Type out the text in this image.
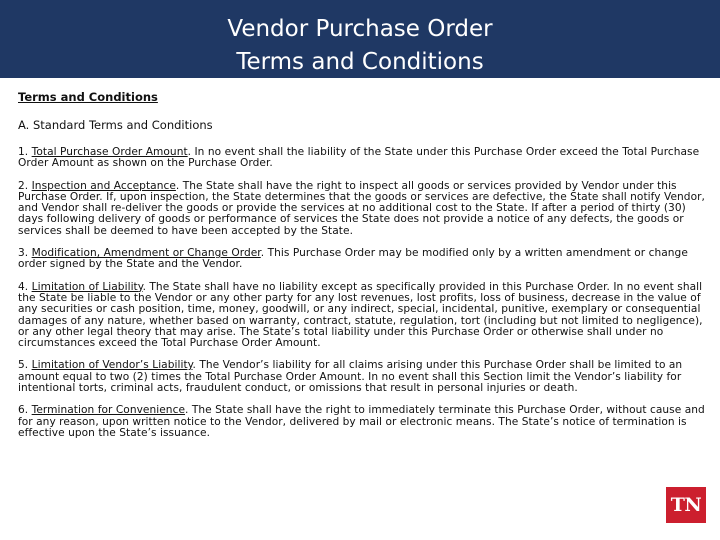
Vendor Purchase Order
Terms and Conditions
Terms and Conditions
A. Standard Terms and Conditions

1. Total Purchase Order Amount. In no event shall the liability of the State under this Purchase Order exceed the Total Purchase Order Amount as shown on the Purchase Order.

2. Inspection and Acceptance. The State shall have the right to inspect all goods or services provided by Vendor under this Purchase Order. If, upon inspection, the State determines that the goods or services are defective, the State shall notify Vendor, and Vendor shall re-deliver the goods or provide the services at no additional cost to the State. If after a period of thirty (30) days following delivery of goods or performance of services the State does not provide a notice of any defects, the goods or services shall be deemed to have been accepted by the State.

3. Modification, Amendment or Change Order. This Purchase Order may be modified only by a written amendment or change order signed by the State and the Vendor.

4. Limitation of Liability. The State shall have no liability except as specifically provided in this Purchase Order. In no event shall the State be liable to the Vendor or any other party for any lost revenues, lost profits, loss of business, decrease in the value of any securities or cash position, time, money, goodwill, or any indirect, special, incidental, punitive, exemplary or consequential damages of any nature, whether based on warranty, contract, statute, regulation, tort (including but not limited to negligence), or any other legal theory that may arise. The State’s total liability under this Purchase Order or otherwise shall under no circumstances exceed the Total Purchase Order Amount.

5. Limitation of Vendor’s Liability. The Vendor’s liability for all claims arising under this Purchase Order shall be limited to an amount equal to two (2) times the Total Purchase Order Amount. In no event shall this Section limit the Vendor’s liability for intentional torts, criminal acts, fraudulent conduct, or omissions that result in personal injuries or death.

6. Termination for Convenience. The State shall have the right to immediately terminate this Purchase Order, without cause and for any reason, upon written notice to the Vendor, delivered by mail or electronic means. The State’s notice of termination is effective upon the State’s issuance.

TN
